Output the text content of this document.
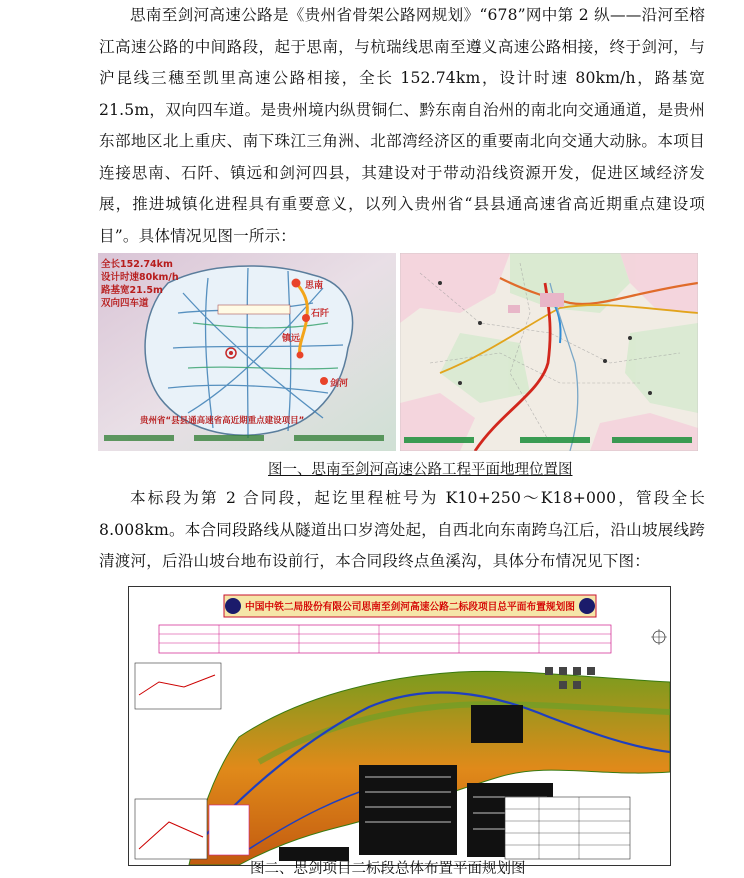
思南至剑河高速公路是《贵州省骨架公路网规划》“678”网中第 2 纵——沿河至榕江高速公路的中间路段，起于思南，与杭瑞线思南至遵义高速公路相接，终于剑河，与沪昆线三穗至凯里高速公路相接，全长 152.74km，设计时速 80km/h，路基宽 21.5m，双向四车道。是贵州境内纵贯铜仁、黔东南自治州的南北向交通通道，是贵州东部地区北上重庆、南下珠江三角洲、北部湾经济区的重要南北向交通大动脉。本项目连接思南、石阡、镇远和剑河四县，其建设对于带动沿线资源开发，促进区域经济发展，推进城镇化进程具有重要意义，以列入贵州省“县县通高速省高近期重点建设项目”。具体情况见图一所示：

思南
石阡
镇远
剑河
全长152.74km
设计时速80km/h
路基宽21.5m
双向四车道
贵州省“县县通高速省高近期重点建设项目”
图一、思南至剑河高速公路工程平面地理位置图

本标段为第 2 合同段，起讫里程桩号为 K10+250～K18+000，管段全长 8.008km。本合同段路线从隧道出口岁湾处起，自西北向东南跨乌江后，沿山坡展线跨清渡河，后沿山坡台地布设前行，本合同段终点鱼溪沟，具体分布情况见下图：

中国中铁二局股份有限公司思南至剑河高速公路二标段项目总平面布置规划图
图二、思剑项目二标段总体布置平面规划图
